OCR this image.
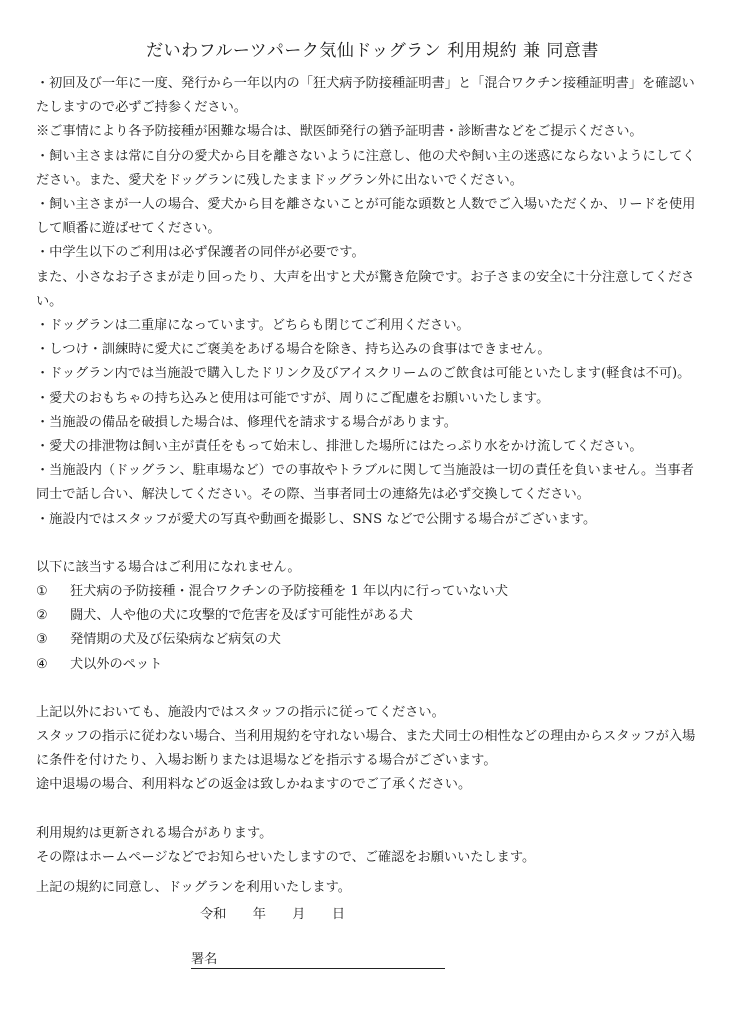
だいわフルーツパーク気仙ドッグラン 利用規約 兼 同意書
・初回及び一年に一度、発行から一年以内の「狂犬病予防接種証明書」と「混合ワクチン接種証明書」を確認い
たしますので必ずご持参ください。
※ご事情により各予防接種が困難な場合は、獣医師発行の猶予証明書・診断書などをご提示ください。
・飼い主さまは常に自分の愛犬から目を離さないように注意し、他の犬や飼い主の迷惑にならないようにしてく
ださい。また、愛犬をドッグランに残したままドッグラン外に出ないでください。
・飼い主さまが一人の場合、愛犬から目を離さないことが可能な頭数と人数でご入場いただくか、リードを使用
して順番に遊ばせてください。
・中学生以下のご利用は必ず保護者の同伴が必要です。
また、小さなお子さまが走り回ったり、大声を出すと犬が驚き危険です。お子さまの安全に十分注意してくださ
い。
・ドッグランは二重扉になっています。どちらも閉じてご利用ください。
・しつけ・訓練時に愛犬にご褒美をあげる場合を除き、持ち込みの食事はできません。
・ドッグラン内では当施設で購入したドリンク及びアイスクリームのご飲食は可能といたします(軽食は不可)。
・愛犬のおもちゃの持ち込みと使用は可能ですが、周りにご配慮をお願いいたします。
・当施設の備品を破損した場合は、修理代を請求する場合があります。
・愛犬の排泄物は飼い主が責任をもって始末し、排泄した場所にはたっぷり水をかけ流してください。
・当施設内（ドッグラン、駐車場など）での事故やトラブルに関して当施設は一切の責任を負いません。当事者
同士で話し合い、解決してください。その際、当事者同士の連絡先は必ず交換してください。
・施設内ではスタッフが愛犬の写真や動画を撮影し、SNS などで公開する場合がございます。
以下に該当する場合はご利用になれません。
① 狂犬病の予防接種・混合ワクチンの予防接種を 1 年以内に行っていない犬
② 闘犬、人や他の犬に攻撃的で危害を及ぼす可能性がある犬
③ 発情期の犬及び伝染病など病気の犬
④ 犬以外のペット
上記以外においても、施設内ではスタッフの指示に従ってください。
スタッフの指示に従わない場合、当利用規約を守れない場合、また犬同士の相性などの理由からスタッフが入場
に条件を付けたり、入場お断りまたは退場などを指示する場合がございます。
途中退場の場合、利用料などの返金は致しかねますのでご了承ください。
利用規約は更新される場合があります。
その際はホームページなどでお知らせいたしますので、ご確認をお願いいたします。
上記の規約に同意し、ドッグランを利用いたします。
令和　　年　　月　　日
署名
